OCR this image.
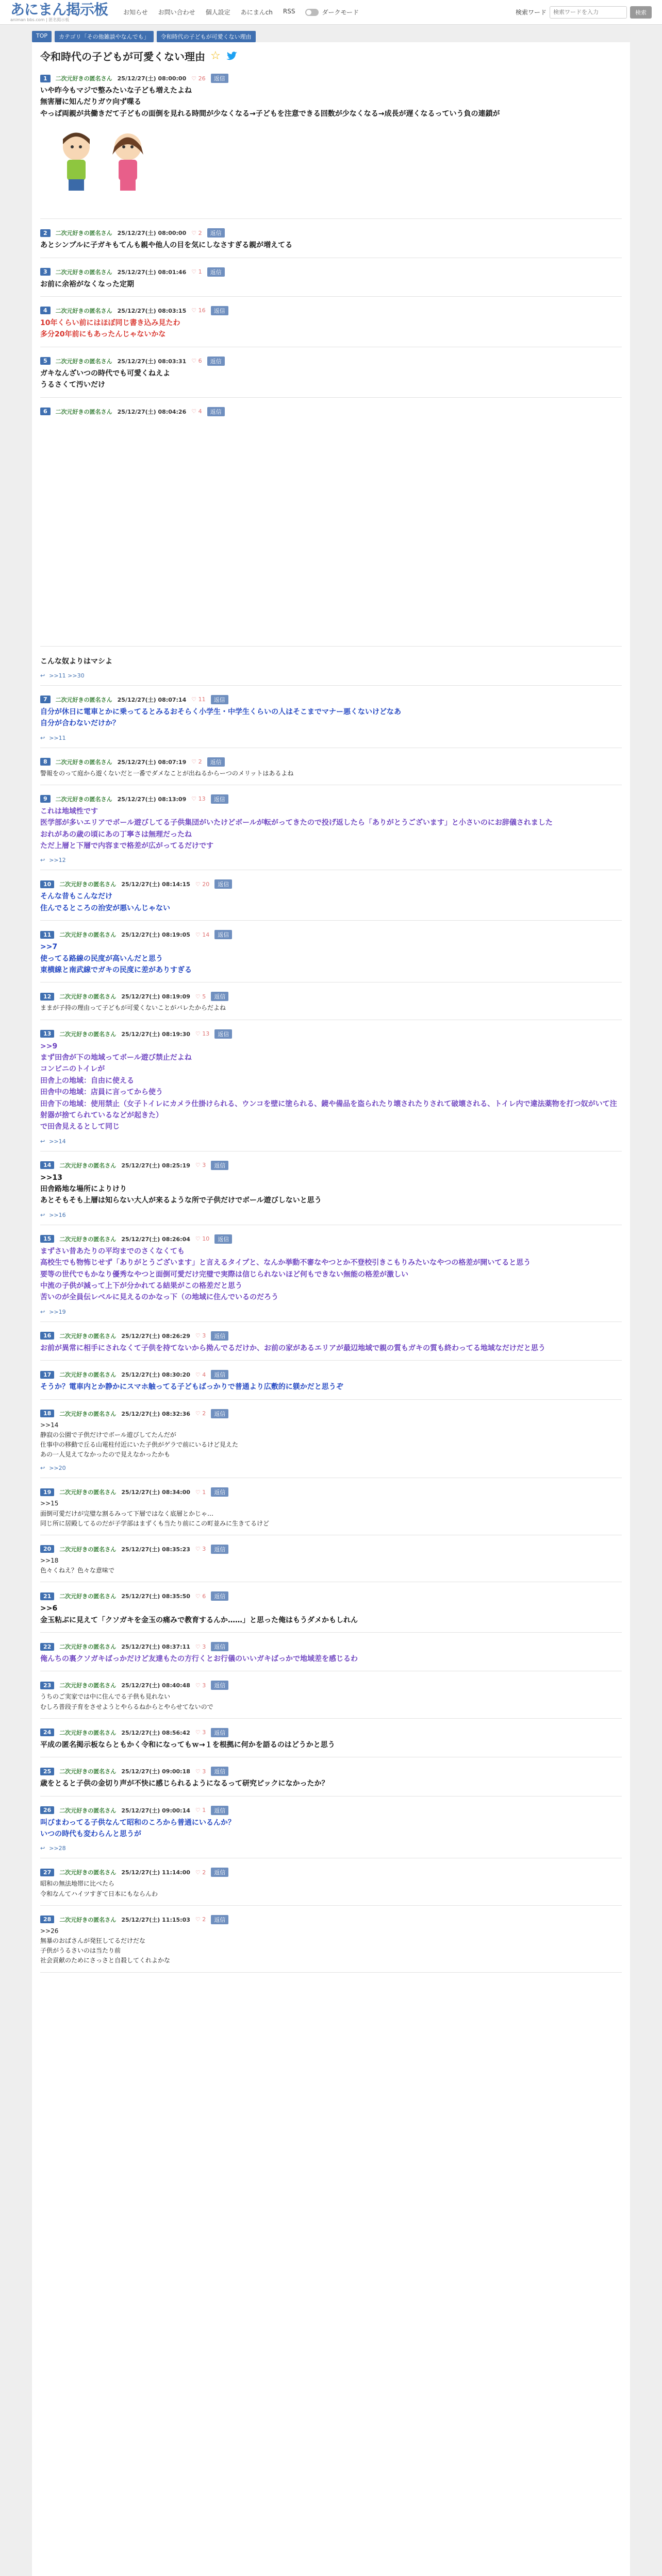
あにまん掲示板
animan bbs.com | 匿名掲示板
お知らせ お問い合わせ 個人設定 あにまんch RSS	ダークモード	検索ワード
検索ワードを入力	検索
TOP	カテゴリ「その他雑談やなんでも」	令和時代の子どもが可愛くない理由
令和時代の子どもが可愛くない理由 ☆
1	二次元好きの匿名さん 25/12/27(土) 08:00:00 ♡ 26	返信
いや昨今もマジで整みたいな子ども増えたよね
無害層に知んだりガウ向ず喋る
やっぱ両親が共働きだて子どもの面倒を見れる時間が少なくなる→子どもを注意できる回数が少なくなる→成長が遅くなるっていう負の連鎖が
2	二次元好きの匿名さん 25/12/27(土) 08:00:00 ♡ 2	返信
あとシンプルに子ガキもてんも親や他人の目を気にしなさすぎる親が増えてる
3	二次元好きの匿名さん 25/12/27(土) 08:01:46 ♡ 1	返信
お前に余裕がなくなった定期
4	二次元好きの匿名さん 25/12/27(土) 08:03:15 ♡ 16	返信
10年くらい前にはほぼ同じ書き込み見たわ
多分20年前にもあったんじゃないかな
5	二次元好きの匿名さん 25/12/27(土) 08:03:31 ♡ 6	返信
ガキなんざいつの時代でも可愛くねえよ
うるさくて汚いだけ
6	二次元好きの匿名さん 25/12/27(土) 08:04:26 ♡ 4	返信
こんな奴よりはマシよ
↩ >>11 >>30
7	二次元好きの匿名さん 25/12/27(土) 08:07:14 ♡ 11	返信
自分が休日に電車とかに乗ってるとみるおそらく小学生・中学生くらいの人はそこまでマナー悪くないけどなあ
自分が合わないだけか？
↩ >>11
8	二次元好きの匿名さん 25/12/27(土) 08:07:19 ♡ 2	返信
警報をのって庭から遊くないだと一番でダメなことが出ねるからーつのメリットはあるよね
9	二次元好きの匿名さん 25/12/27(土) 08:13:09 ♡ 13	返信
これは地域性です
医学部が多いエリアでボール遊びしてる子供集団がいたけどボールが転がってきたので投げ返したら「ありがとうございます」と小さいのにお辞儀されました
おれがあの歳の頃にあの丁寧さは無理だったね
ただ上層と下層で内容まで格差が広がってるだけです
↩ >>12
10	二次元好きの匿名さん 25/12/27(土) 08:14:15 ♡ 20	返信
そんな昔もこんなだけ
住んでるところの治安が悪いんじゃない
11	二次元好きの匿名さん 25/12/27(土) 08:19:05 ♡ 14	返信
>>7
使ってる路線の民度が高いんだと思う
東横線と南武線でガキの民度に差がありすぎる
12	二次元好きの匿名さん 25/12/27(土) 08:19:09 ♡ 5	返信
ままが子持の理由って子どもが可愛くないことがバレたからだよね
13	二次元好きの匿名さん 25/12/27(土) 08:19:30 ♡ 13	返信
>>9
まず田舎が下の地域ってボール遊び禁止だよね
コンビニのトイレが
田舎上の地域：自由に使える
田舎中の地域：店員に言ってから使う
田舎下の地域：使用禁止（女子トイレにカメラ仕掛けられる、ウンコを壁に塗られる、鏡や備品を盗られたり壊されたりされて破壊される、トイレ内で違法薬物を打つ奴がいて注射器が捨てられているなどが起きた）
で田舎見えるとして同じ
↩ >>14
14	二次元好きの匿名さん 25/12/27(土) 08:25:19 ♡ 3	返信
>>13
田舎路地な場所によりけり
あとそもそも上層は知らない大人が来るような所で子供だけでボール遊びしないと思う
↩ >>16
15	二次元好きの匿名さん 25/12/27(土) 08:26:04 ♡ 10	返信
まずさい昔あたりの平均までのさくなくても
高校生でも物怖じせず「ありがとうございます」と言えるタイプと、なんか挙動不審なやつとか不登校引きこもりみたいなやつの格差が開いてると思う
要等の世代でもかなり優秀なやつと面倒可愛だけ完璧で実際は信じられないほど何もできない無能の格差が激しい
中流の子供が減って上下が分かれてる結果がこの格差だと思う
苦いのが全員伝レベルに見えるのかなっ下（の地域に住んでいるのだろう
↩ >>19
16	二次元好きの匿名さん 25/12/27(土) 08:26:29 ♡ 3	返信
お前が異常に相手にされなくて子供を持てないから拗んでるだけか、お前の家があるエリアが最辺地域で親の質もガキの質も終わってる地域なだけだと思う
17	二次元好きの匿名さん 25/12/27(土) 08:30:20 ♡ 4	返信
そうか？電車内とか静かにスマホ触ってる子どもばっかりで普通より広敷的に躾かだと思うぞ
18	二次元好きの匿名さん 25/12/27(土) 08:32:36 ♡ 2	返信
>>14
静寂の公園で子供だけでボール遊びしてたんだが
仕事中の移動で丘る山電柱付近にいた子供がゲラで前にいるけど見えた
あの一人見えてなかったので見えなかったかも
↩ >>20
19	二次元好きの匿名さん 25/12/27(土) 08:34:00 ♡ 1	返信
>>15
面倒可愛だけが完璧な割るみって下層ではなく底層とかじゃ…
同じ所に居殿してるのだが子学部はまずくも当たり前にこの町並みに生きてるけど
20	二次元好きの匿名さん 25/12/27(土) 08:35:23 ♡ 3	返信
>>18
色々くねえ？色々な意味で
21	二次元好きの匿名さん 25/12/27(土) 08:35:50 ♡ 6	返信
>>6
金玉粘ぶに見えて「クソガキを金玉の痛みで教育するんか……」と思った俺はもうダメかもしれん
22	二次元好きの匿名さん 25/12/27(土) 08:37:11 ♡ 3	返信
俺んちの裏クソガキばっかだけど友達もたの方行くとお行儀のいいガキばっかで地域差を感じるわ
23	二次元好きの匿名さん 25/12/27(土) 08:40:48 ♡ 3	返信
うちのご実家では中に住んでる子供も見れない
むしろ普段子育をさせようとやらるねからとやらせてないので
24	二次元好きの匿名さん 25/12/27(土) 08:56:42 ♡ 3	返信
平成の匿名掲示板ならともかく令和になってもｗ→１を根拠に何かを語るのはどうかと思う
25	二次元好きの匿名さん 25/12/27(土) 09:00:18 ♡ 3	返信
歳をとると子供の金切り声が不快に感じられるようになるって研究ピックになかったか？
26	二次元好きの匿名さん 25/12/27(土) 09:00:14 ♡ 1	返信
叫びまわってる子供なんて昭和のころから普通にいるんか？
いつの時代も変わらんと思うが
↩ >>28
27	二次元好きの匿名さん 25/12/27(土) 11:14:00 ♡ 2	返信
昭和の無法地帯に比べたら
令和なんてハイツすぎて日本にもならんわ
28	二次元好きの匿名さん 25/12/27(土) 11:15:03 ♡ 2	返信
>>26
無暴のおばさんが発狂してるだけだな
子供がうるさいのは当たり前
社会貢献のためにさっさと自殺してくれよかな
